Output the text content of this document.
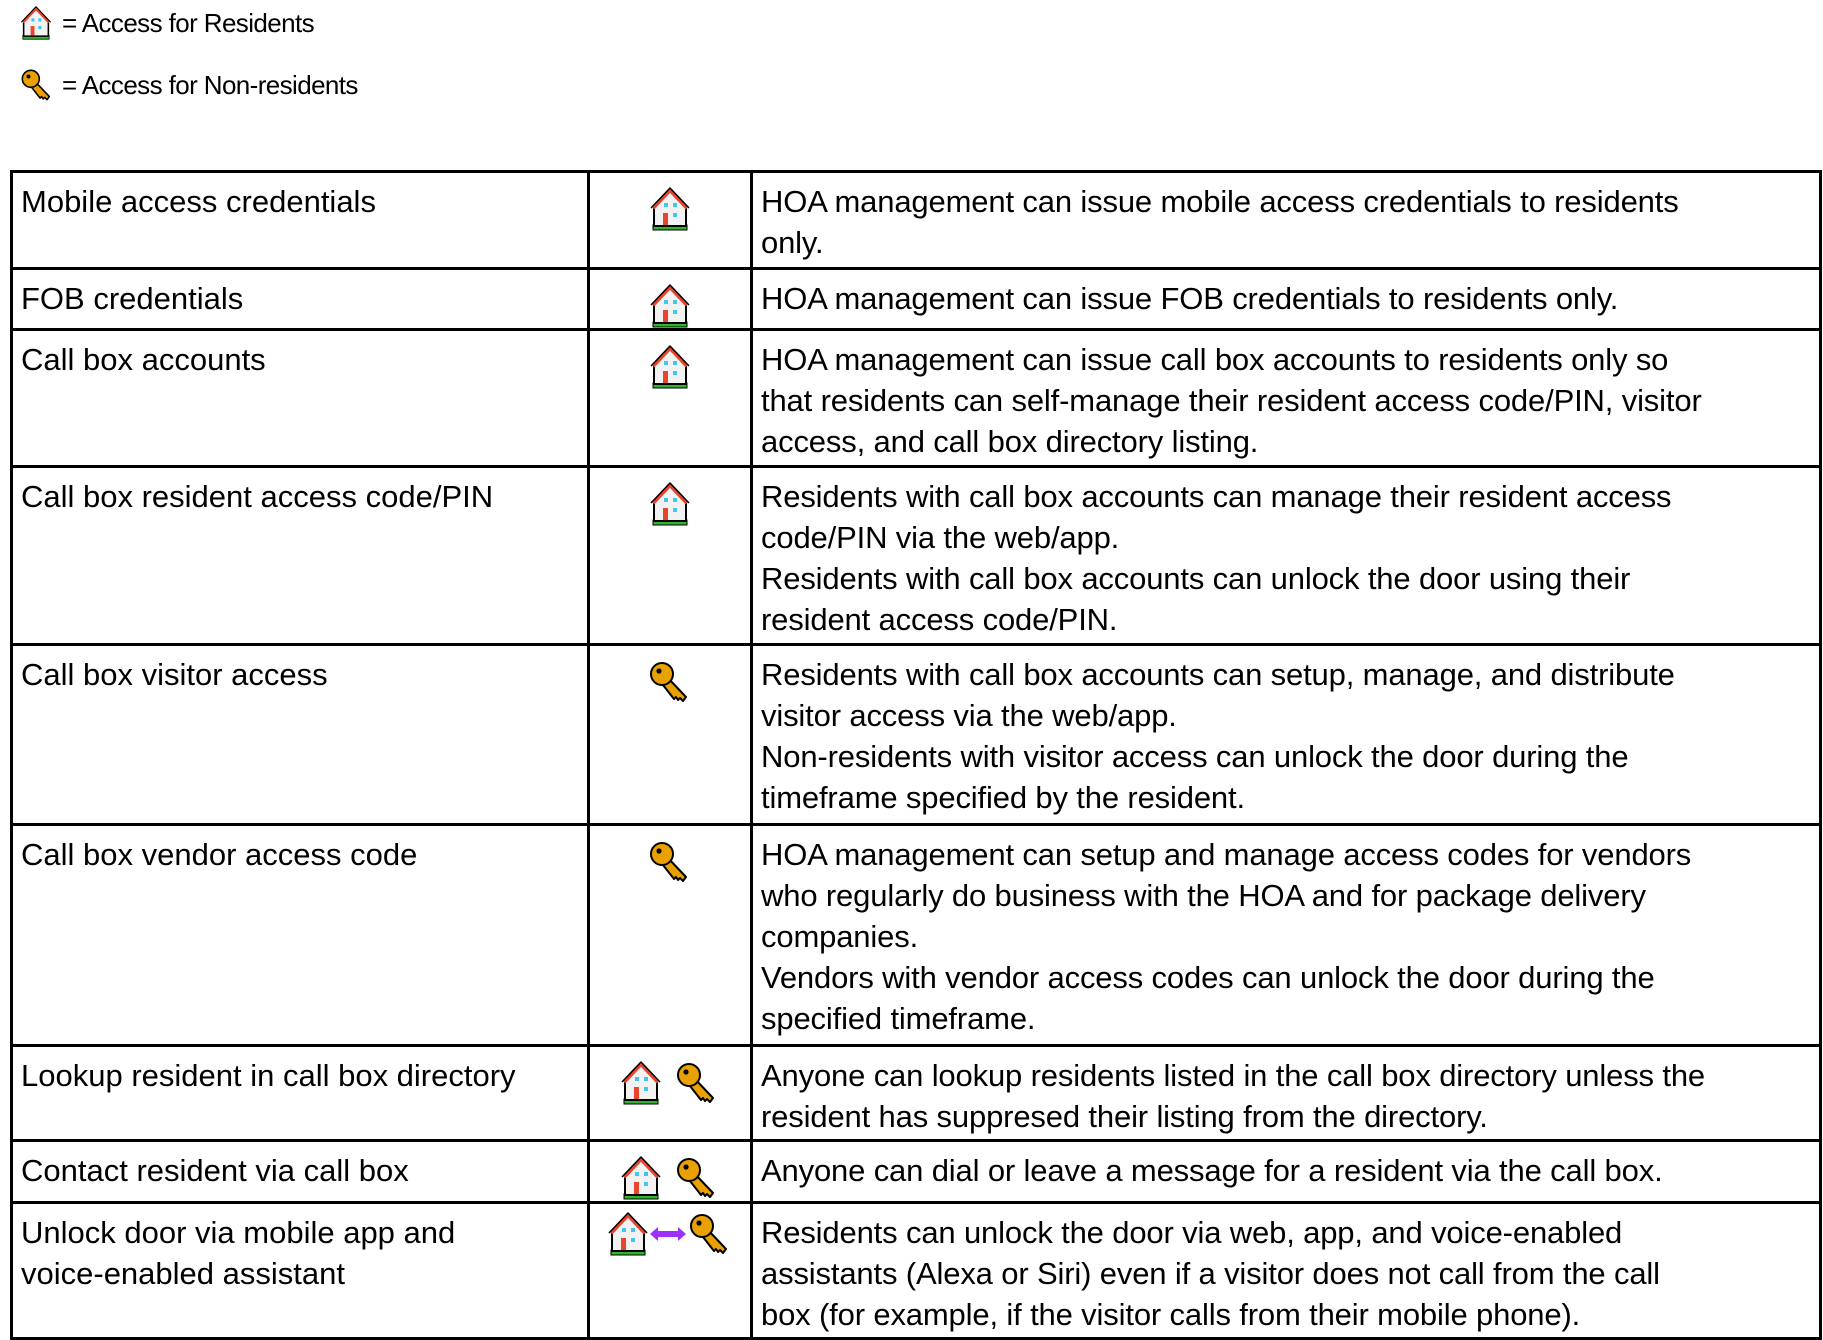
= Access for Residents
= Access for Non-residents
Mobile access credentials		HOA management can issue mobile access credentials to residents
only.

FOB credentials		HOA management can issue FOB credentials to residents only.

Call box accounts		HOA management can issue call box accounts to residents only so
that residents can self-manage their resident access code/PIN, visitor
access, and call box directory listing.

Call box resident access code/PIN		Residents with call box accounts can manage their resident access
code/PIN via the web/app.
Residents with call box accounts can unlock the door using their
resident access code/PIN.

Call box visitor access		Residents with call box accounts can setup, manage, and distribute
visitor access via the web/app.
Non-residents with visitor access can unlock the door during the
timeframe specified by the resident.

Call box vendor access code		HOA management can setup and manage access codes for vendors
who regularly do business with the HOA and for package delivery
companies.
Vendors with vendor access codes can unlock the door during the
specified timeframe.

Lookup resident in call box directory		Anyone can lookup residents listed in the call box directory unless the
resident has suppresed their listing from the directory.

Contact resident via call box		Anyone can dial or leave a message for a resident via the call box.

Unlock door via mobile app and
voice-enabled assistant		Residents can unlock the door via web, app, and voice-enabled
assistants (Alexa or Siri) even if a visitor does not call from the call
box (for example, if the visitor calls from their mobile phone).
